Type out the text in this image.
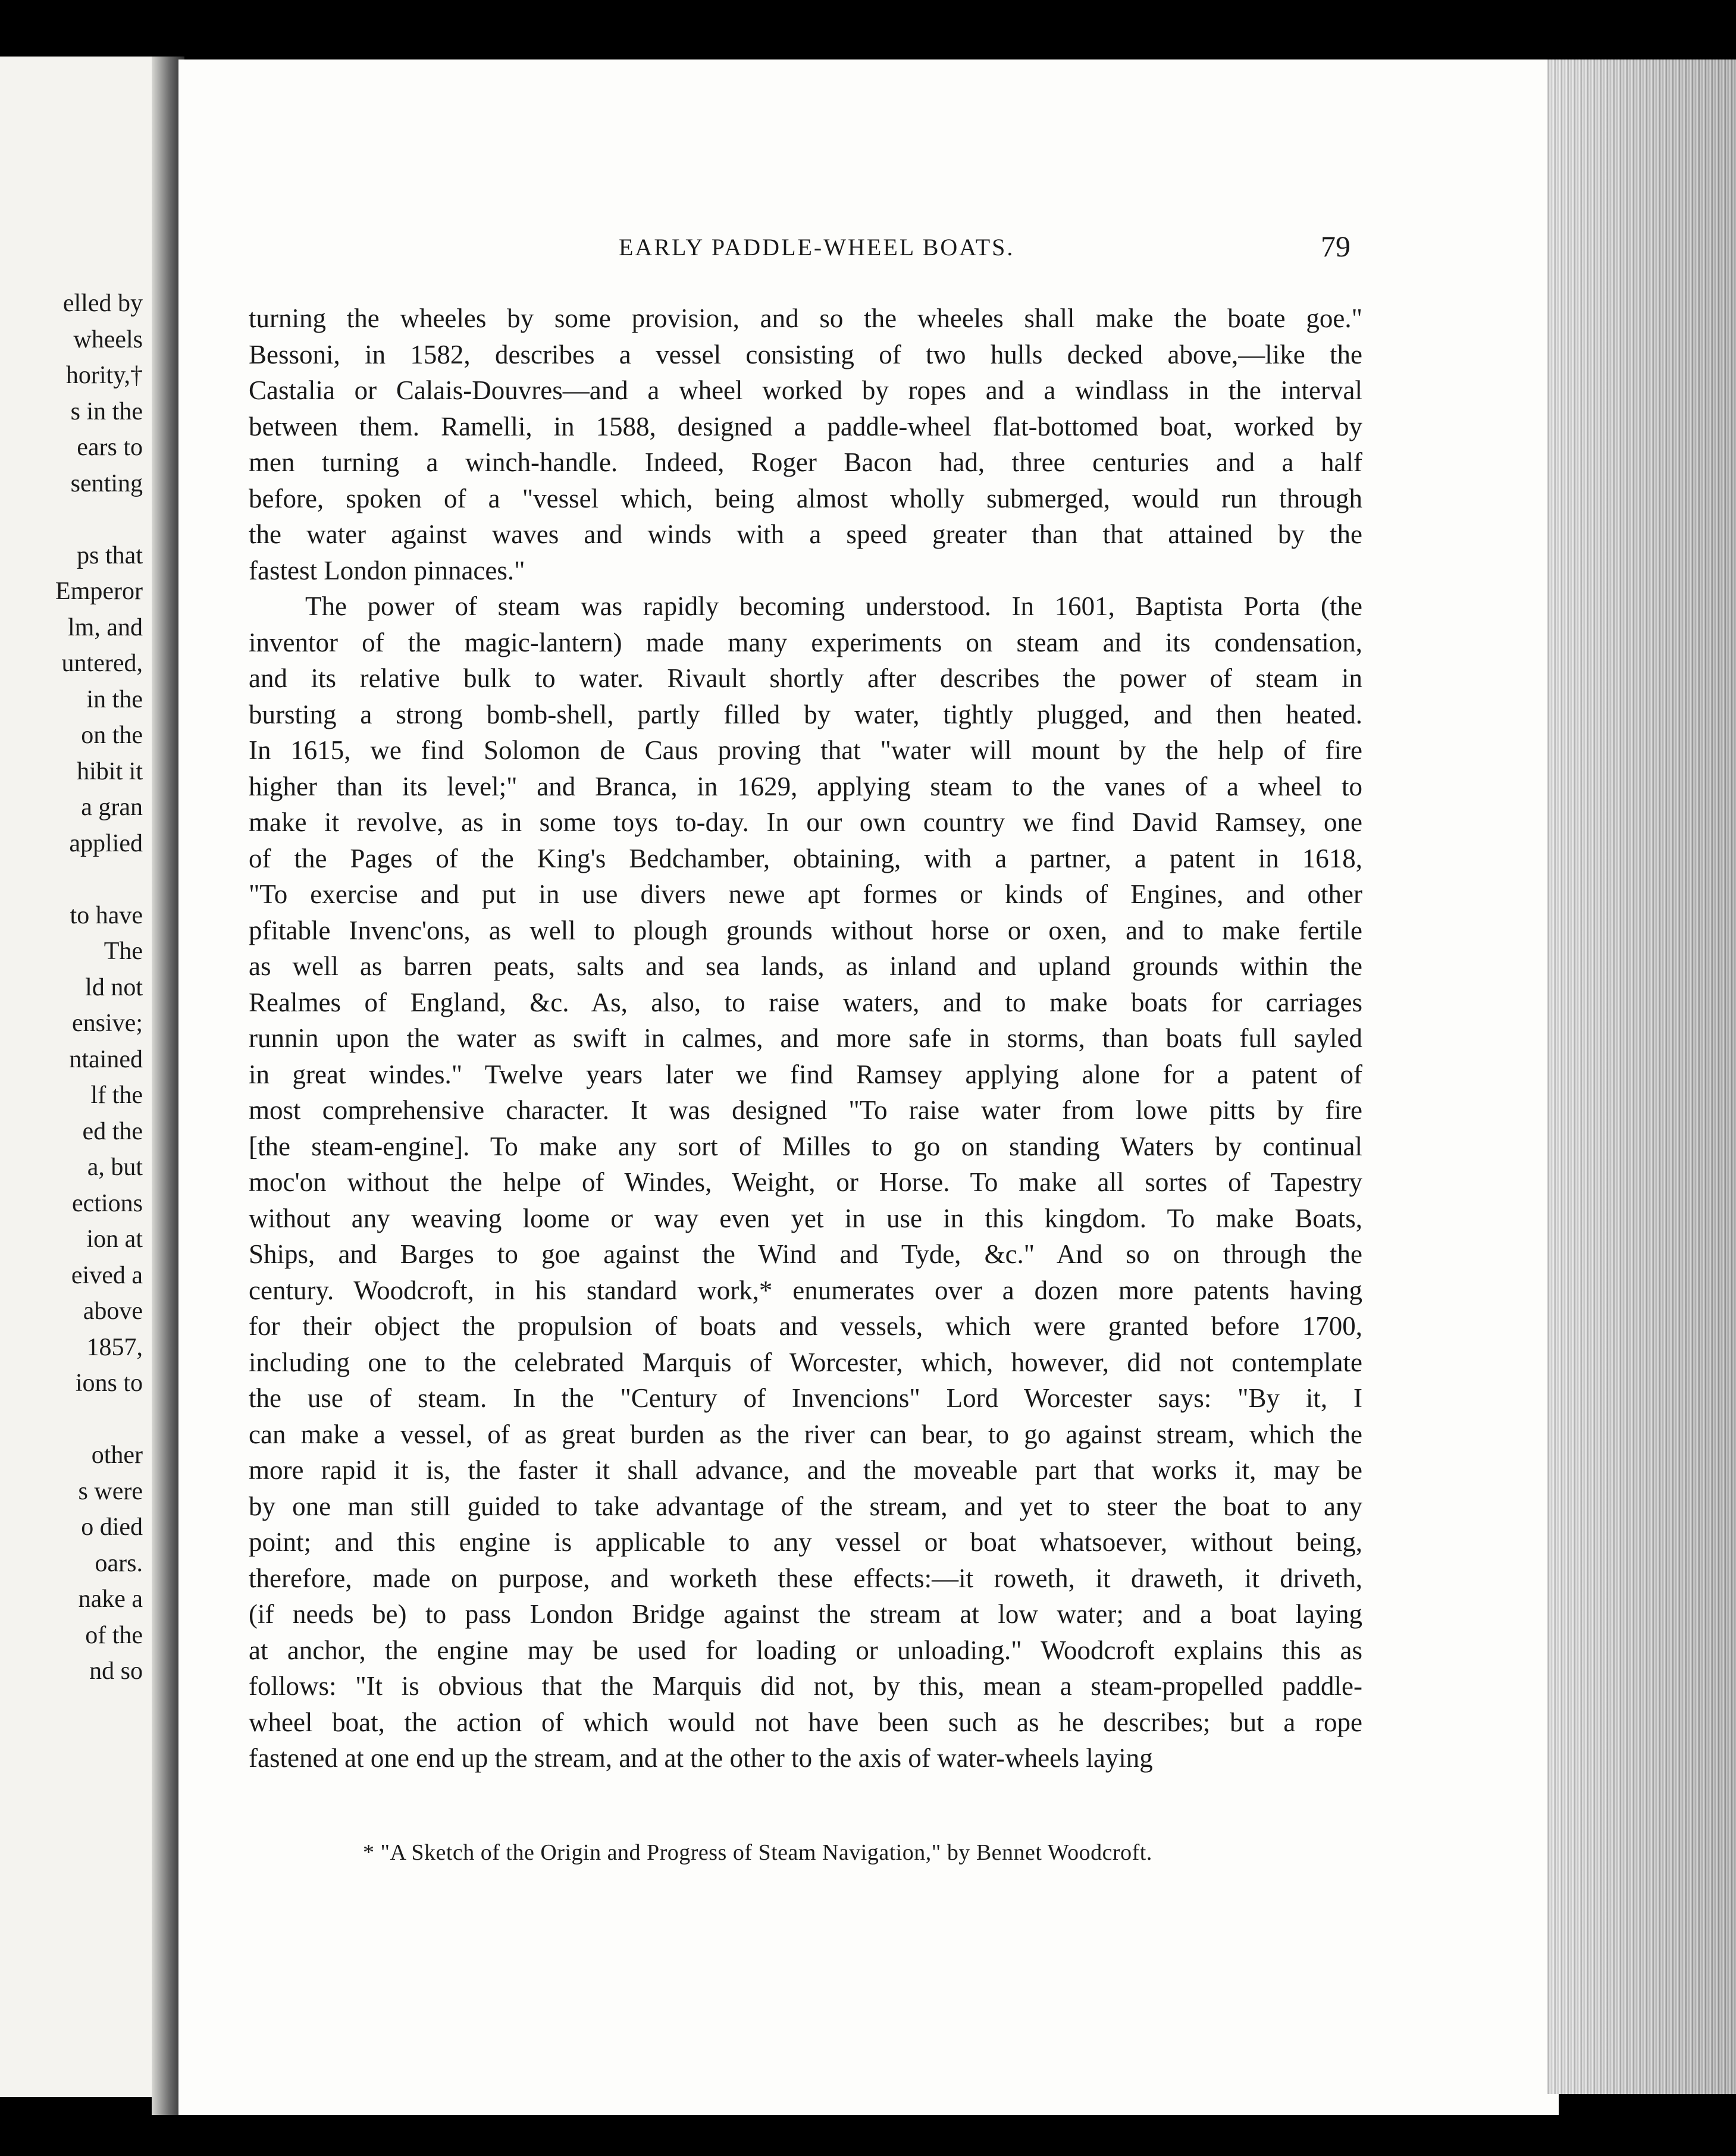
elled by
wheels
hority,†
s in the
ears to
senting
ps that
Emperor
lm, and
untered,
in the
on the
hibit it
a gran
applied
to have
The
ld not
ensive;
ntained
lf the
ed the
a, but
ections
ion at
eived a
above
1857,
ions to
other
s were
o died
oars.
nake a
of the
nd so
EARLY PADDLE-WHEEL BOATS.	79
turning the wheeles by some provision, and so the wheeles shall make the boate goe."
Bessoni, in 1582, describes a vessel consisting of two hulls decked above,—like the
Castalia or Calais-Douvres—and a wheel worked by ropes and a windlass in the interval
between them. Ramelli, in 1588, designed a paddle-wheel flat-bottomed boat, worked by
men turning a winch-handle. Indeed, Roger Bacon had, three centuries and a half
before, spoken of a "vessel which, being almost wholly submerged, would run through
the water against waves and winds with a speed greater than that attained by the
fastest London pinnaces."
The power of steam was rapidly becoming understood. In 1601, Baptista Porta (the
inventor of the magic-lantern) made many experiments on steam and its condensation,
and its relative bulk to water. Rivault shortly after describes the power of steam in
bursting a strong bomb-shell, partly filled by water, tightly plugged, and then heated.
In 1615, we find Solomon de Caus proving that "water will mount by the help of fire
higher than its level;" and Branca, in 1629, applying steam to the vanes of a wheel to
make it revolve, as in some toys to-day. In our own country we find David Ramsey, one
of the Pages of the King's Bedchamber, obtaining, with a partner, a patent in 1618,
"To exercise and put in use divers newe apt formes or kinds of Engines, and other
pfitable Invenc'ons, as well to plough grounds without horse or oxen, and to make fertile
as well as barren peats, salts and sea lands, as inland and upland grounds within the
Realmes of England, &c. As, also, to raise waters, and to make boats for carriages
runnin upon the water as swift in calmes, and more safe in storms, than boats full sayled
in great windes." Twelve years later we find Ramsey applying alone for a patent of
most comprehensive character. It was designed "To raise water from lowe pitts by fire
[the steam-engine]. To make any sort of Milles to go on standing Waters by continual
moc'on without the helpe of Windes, Weight, or Horse. To make all sortes of Tapestry
without any weaving loome or way even yet in use in this kingdom. To make Boats,
Ships, and Barges to goe against the Wind and Tyde, &c." And so on through the
century. Woodcroft, in his standard work,* enumerates over a dozen more patents having
for their object the propulsion of boats and vessels, which were granted before 1700,
including one to the celebrated Marquis of Worcester, which, however, did not contemplate
the use of steam. In the "Century of Invencions" Lord Worcester says: "By it, I
can make a vessel, of as great burden as the river can bear, to go against stream, which the
more rapid it is, the faster it shall advance, and the moveable part that works it, may be
by one man still guided to take advantage of the stream, and yet to steer the boat to any
point; and this engine is applicable to any vessel or boat whatsoever, without being,
therefore, made on purpose, and worketh these effects:—it roweth, it draweth, it driveth,
(if needs be) to pass London Bridge against the stream at low water; and a boat laying
at anchor, the engine may be used for loading or unloading." Woodcroft explains this as
follows: "It is obvious that the Marquis did not, by this, mean a steam-propelled paddle-
wheel boat, the action of which would not have been such as he describes; but a rope
fastened at one end up the stream, and at the other to the axis of water-wheels laying
* "A Sketch of the Origin and Progress of Steam Navigation," by Bennet Woodcroft.
